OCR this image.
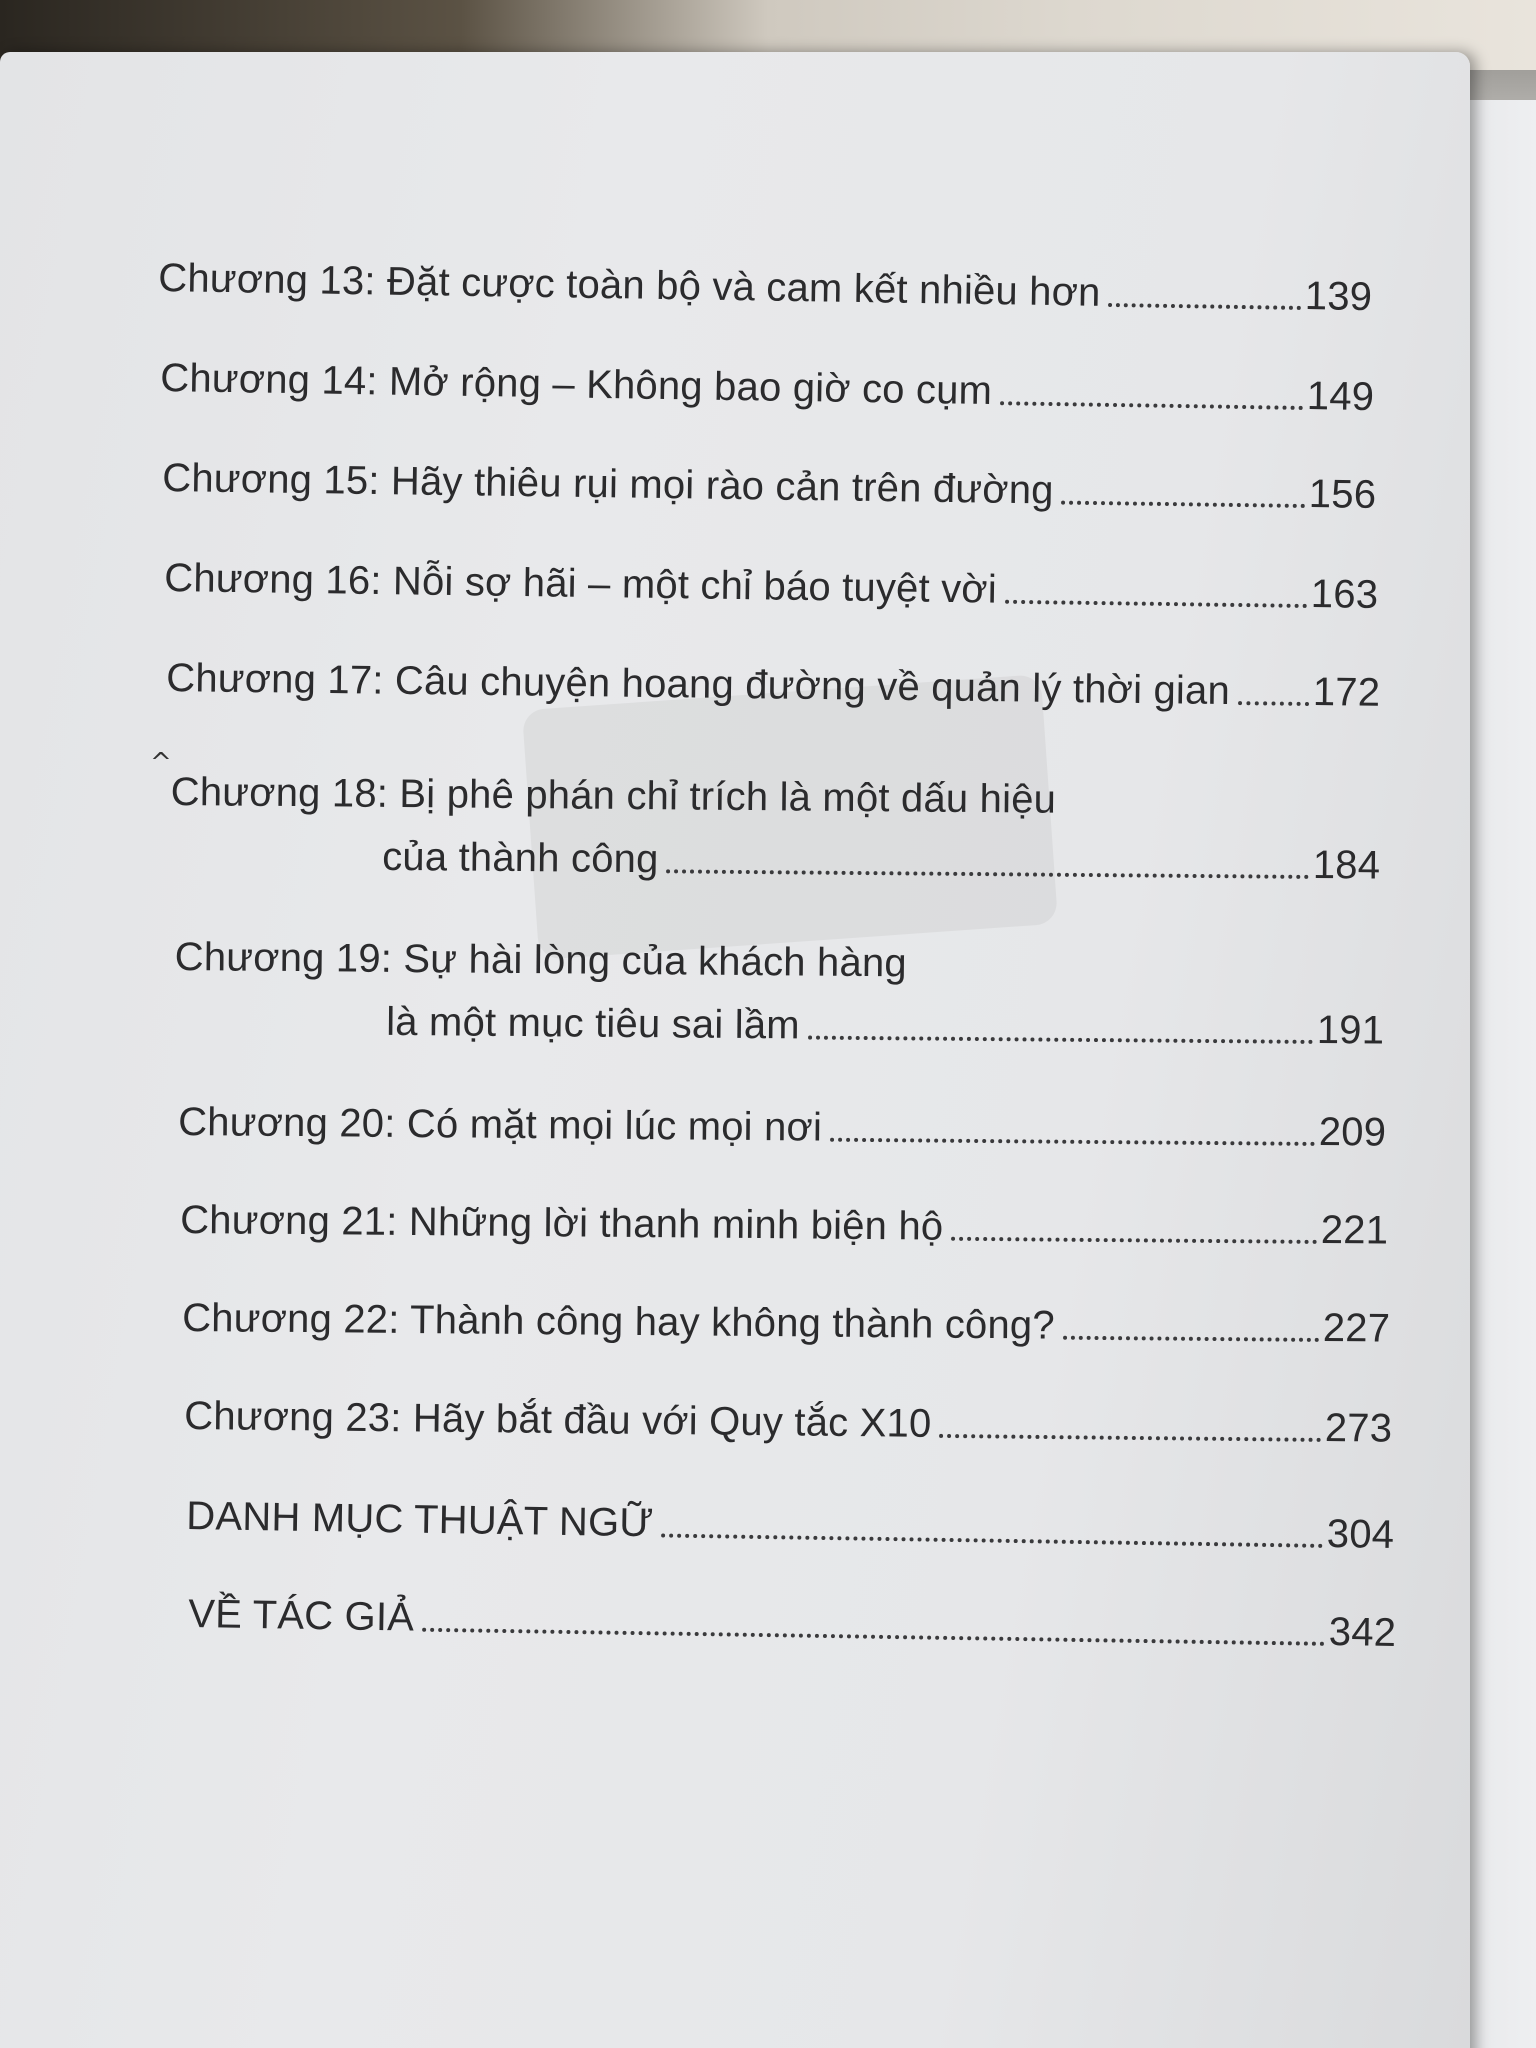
Chương 13: Đặt cược toàn bộ và cam kết nhiều hơn	139
Chương 14: Mở rộng – Không bao giờ co cụm	149
Chương 15: Hãy thiêu rụi mọi rào cản trên đường	156
Chương 16: Nỗi sợ hãi – một chỉ báo tuyệt vời	163
Chương 17: Câu chuyện hoang đường về quản lý thời gian 172
^
Chương 18: Bị phê phán chỉ trích là một dấu hiệu
của thành công	184
Chương 19: Sự hài lòng của khách hàng
là một mục tiêu sai lầm	191
Chương 20: Có mặt mọi lúc mọi nơi	209
Chương 21: Những lời thanh minh biện hộ	221
Chương 22: Thành công hay không thành công?	227
Chương 23: Hãy bắt đầu với Quy tắc X10	273
DANH MỤC THUẬT NGỮ	304
VỀ TÁC GIẢ	342
